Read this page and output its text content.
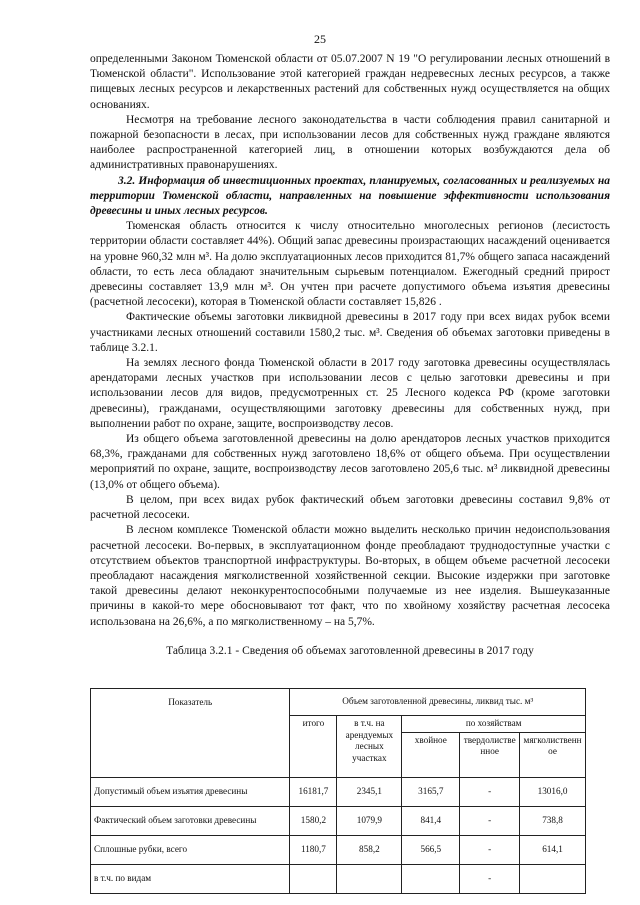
25

определенными Законом Тюменской области от 05.07.2007 N 19 "О регулировании лесных отношений в Тюменской области". Использование этой категорией граждан недревесных лесных ресурсов, а также пищевых лесных ресурсов и лекарственных растений для собственных нужд осуществляется на общих основаниях.

Несмотря на требование лесного законодательства в части соблюдения правил санитарной и пожарной безопасности в лесах, при использовании лесов для собственных нужд граждане являются наиболее распространенной категорией лиц, в отношении которых возбуждаются дела об административных правонарушениях.

3.2. Информация об инвестиционных проектах, планируемых, согласованных и реализуемых на территории Тюменской области, направленных на повышение эффективности использования древесины и иных лесных ресурсов.

Тюменская область относится к числу относительно многолесных регионов (лесистость территории области составляет 44%). Общий запас древесины произрастающих насаждений оценивается на уровне 960,32 млн м³. На долю эксплуатационных лесов приходится 81,7% общего запаса насаждений области, то есть леса обладают значительным сырьевым потенциалом. Ежегодный средний прирост древесины составляет 13,9 млн м³. Он учтен при расчете допустимого объема изъятия древесины (расчетной лесосеки), которая в Тюменской области составляет 15,826 .

Фактические объемы заготовки ликвидной древесины в 2017 году при всех видах рубок всеми участниками лесных отношений составили 1580,2 тыс. м³. Сведения об объемах заготовки приведены в таблице 3.2.1.

На землях лесного фонда Тюменской области в 2017 году заготовка древесины осуществлялась арендаторами лесных участков при использовании лесов с целью заготовки древесины и при использовании лесов для видов, предусмотренных ст. 25 Лесного кодекса РФ (кроме заготовки древесины), гражданами, осуществляющими заготовку древесины для собственных нужд, при выполнении работ по охране, защите, воспроизводству лесов.

Из общего объема заготовленной древесины на долю арендаторов лесных участков приходится 68,3%, гражданами для собственных нужд заготовлено 18,6% от общего объема. При осуществлении мероприятий по охране, защите, воспроизводству лесов заготовлено 205,6 тыс. м³ ликвидной древесины (13,0% от общего объема).

В целом, при всех видах рубок фактический объем заготовки древесины составил 9,8% от расчетной лесосеки.

В лесном комплексе Тюменской области можно выделить несколько причин недоиспользования расчетной лесосеки. Во-первых, в эксплуатационном фонде преобладают труднодоступные участки с отсутствием объектов транспортной инфраструктуры. Во-вторых, в общем объеме расчетной лесосеки преобладают насаждения мягколиственной хозяйственной секции. Высокие издержки при заготовке такой древесины делают неконкурентоспособными получаемые из нее изделия. Вышеуказанные причины в какой-то мере обосновывают тот факт, что по хвойному хозяйству расчетная лесосека использована на 26,6%, а по мягколиственному – на 5,7%.

Таблица 3.2.1 - Сведения об объемах заготовленной древесины в 2017 году

Показатель	Объем заготовленной древесины, ликвид тыс. м³				
	итого	в т.ч. на арендуемых лесных участках	по хозяйствам		
			хвойное	твердолиственное	мягколиственное
Допустимый объем изъятия древесины	16181,7	2345,1	3165,7	-	13016,0
Фактический объем заготовки древесины	1580,2	1079,9	841,4	-	738,8
Сплошные рубки, всего	1180,7	858,2	566,5	-	614,1
в т.ч. по видам				-	
